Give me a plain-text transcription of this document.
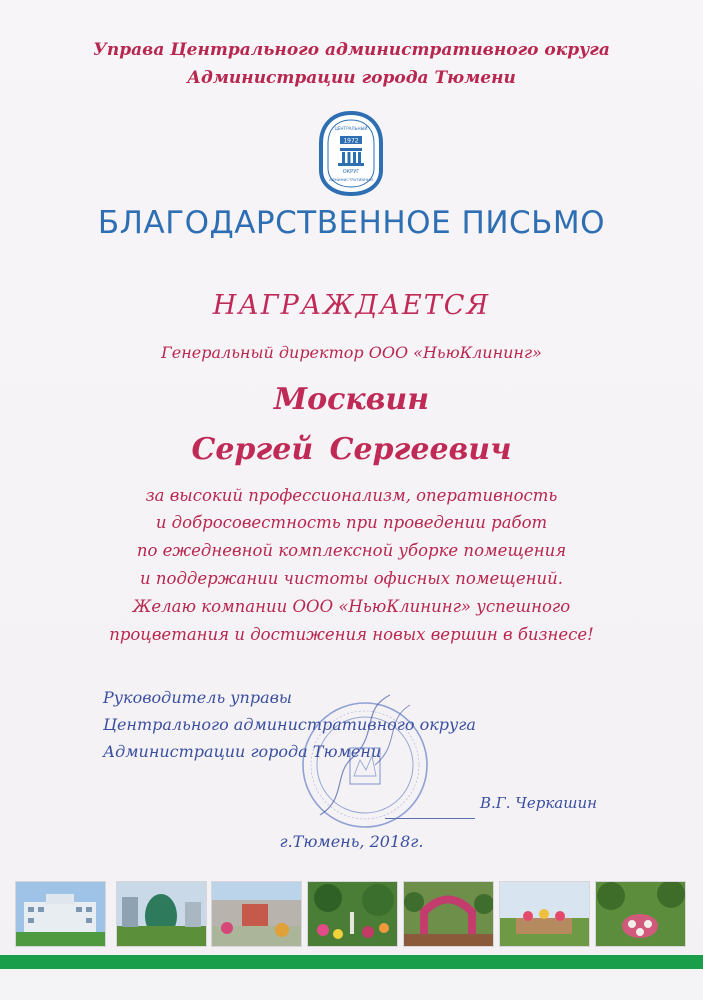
Управа Центрального административного округа
Администрации города Тюмени
1972
ОКРУГ
ЦЕНТРАЛЬНЫЙ
АДМИНИСТРАТИВНЫЙ
БЛАГОДАРСТВЕННОЕ ПИСЬМО
НАГРАЖДАЕТСЯ
Генеральный директор ООО «НьюКлининг»
Москвин
Сергей Сергеевич
за высокий профессионализм, оперативность
и добросовестность при проведении работ
по ежедневной комплексной уборке помещения
и поддержании чистоты офисных помещений.
Желаю компании ООО «НьюКлининг» успешного
процветания и достижения новых вершин в бизнесе!
Руководитель управы
Центрального административного округа
Администрации города Тюмени
В.Г. Черкашин
г.Тюмень, 2018г.
